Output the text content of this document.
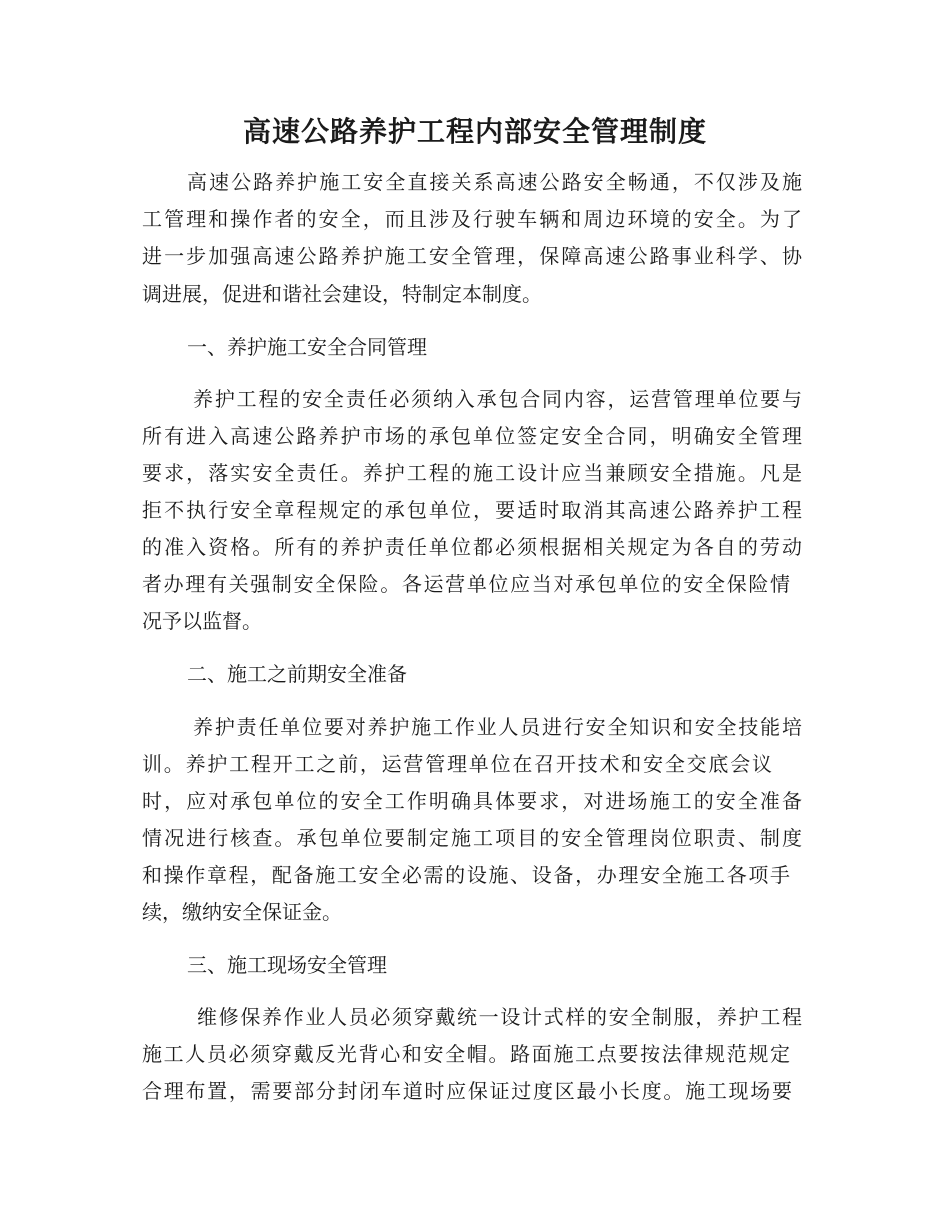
高速公路养护工程内部安全管理制度
高速公路养护施工安全直接关系高速公路安全畅通，不仅涉及施
工管理和操作者的安全，而且涉及行驶车辆和周边环境的安全。为了
进一步加强高速公路养护施工安全管理，保障高速公路事业科学、协
调进展，促进和谐社会建设，特制定本制度。
一、养护施工安全合同管理
养护工程的安全责任必须纳入承包合同内容，运营管理单位要与
所有进入高速公路养护市场的承包单位签定安全合同，明确安全管理
要求，落实安全责任。养护工程的施工设计应当兼顾安全措施。凡是
拒不执行安全章程规定的承包单位，要适时取消其高速公路养护工程
的准入资格。所有的养护责任单位都必须根据相关规定为各自的劳动
者办理有关强制安全保险。各运营单位应当对承包单位的安全保险情
况予以监督。
二、施工之前期安全准备
养护责任单位要对养护施工作业人员进行安全知识和安全技能培
训。养护工程开工之前，运营管理单位在召开技术和安全交底会议
时，应对承包单位的安全工作明确具体要求，对进场施工的安全准备
情况进行核查。承包单位要制定施工项目的安全管理岗位职责、制度
和操作章程，配备施工安全必需的设施、设备，办理安全施工各项手
续，缴纳安全保证金。
三、施工现场安全管理
维修保养作业人员必须穿戴统一设计式样的安全制服，养护工程
施工人员必须穿戴反光背心和安全帽。路面施工点要按法律规范规定
合理布置，需要部分封闭车道时应保证过度区最小长度。施工现场要
